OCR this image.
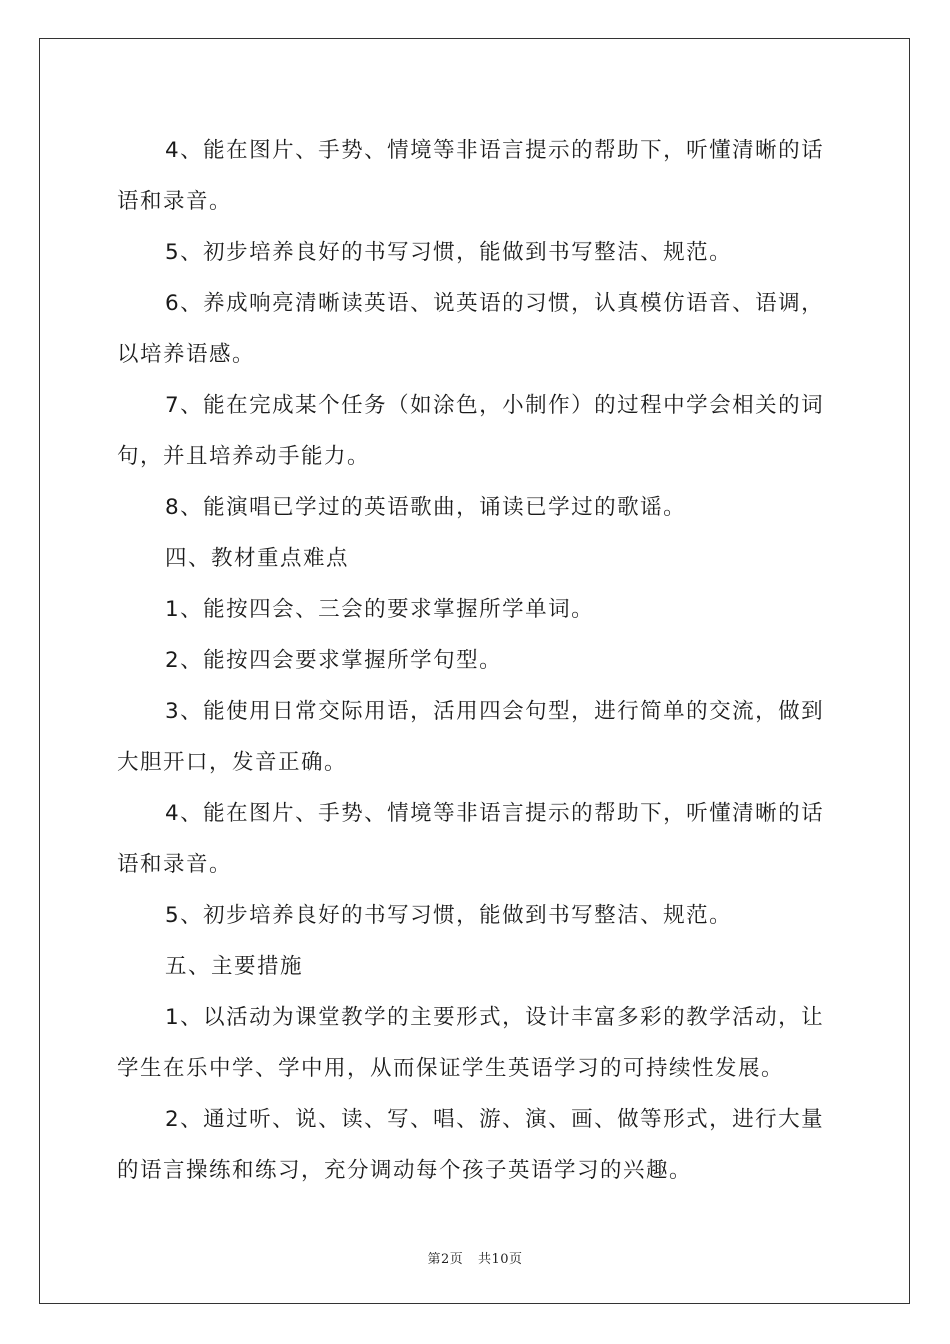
4、能在图片、手势、情境等非语言提示的帮助下，听懂清晰的话语和录音。

5、初步培养良好的书写习惯，能做到书写整洁、规范。

6、养成响亮清晰读英语、说英语的习惯，认真模仿语音、语调，以培养语感。

7、能在完成某个任务（如涂色，小制作）的过程中学会相关的词句，并且培养动手能力。

8、能演唱已学过的英语歌曲，诵读已学过的歌谣。

四、教材重点难点

1、能按四会、三会的要求掌握所学单词。

2、能按四会要求掌握所学句型。

3、能使用日常交际用语，活用四会句型，进行简单的交流，做到大胆开口，发音正确。

4、能在图片、手势、情境等非语言提示的帮助下，听懂清晰的话语和录音。

5、初步培养良好的书写习惯，能做到书写整洁、规范。

五、主要措施

1、以活动为课堂教学的主要形式，设计丰富多彩的教学活动，让学生在乐中学、学中用，从而保证学生英语学习的可持续性发展。

2、通过听、说、读、写、唱、游、演、画、做等形式，进行大量的语言操练和练习，充分调动每个孩子英语学习的兴趣。

第2页 共10页
